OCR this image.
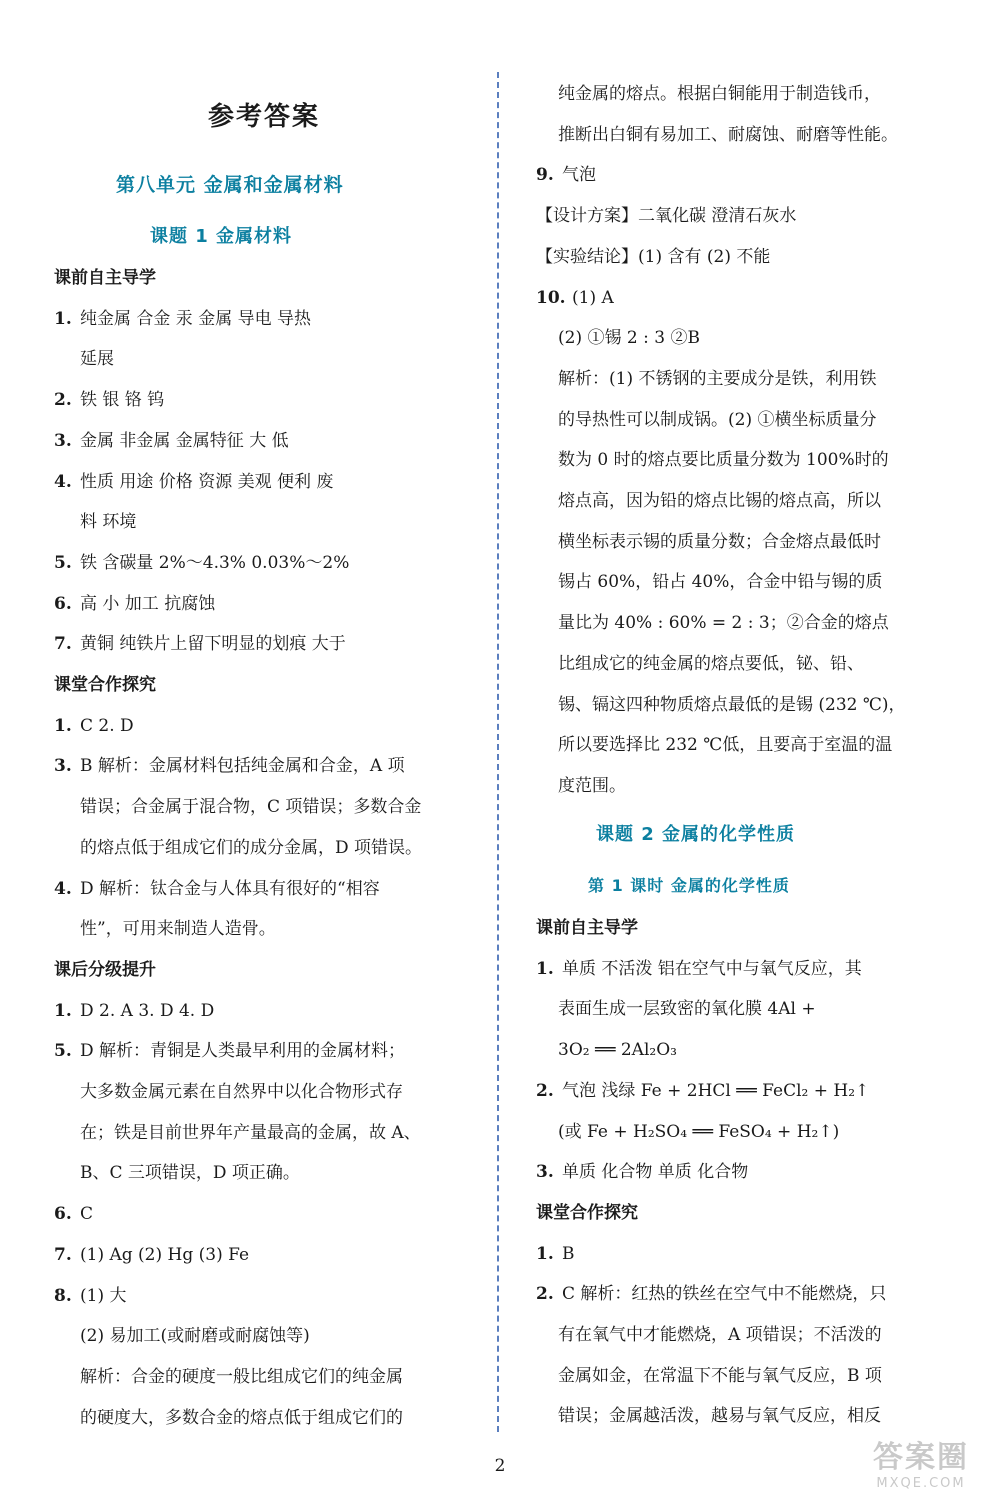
参考答案
第八单元 金属和金属材料
课题 1 金属材料
课前自主导学
1. 纯金属 合金 汞 金属 导电 导热
延展
2. 铁 银 铬 钨
3. 金属 非金属 金属特征 大 低
4. 性质 用途 价格 资源 美观 便利 废
料 环境
5. 铁 含碳量 2%～4.3% 0.03%～2%
6. 高 小 加工 抗腐蚀
7. 黄铜 纯铁片上留下明显的划痕 大于
课堂合作探究
1. C 2. D
3. B 解析：金属材料包括纯金属和合金，A 项
错误；合金属于混合物，C 项错误；多数合金
的熔点低于组成它们的成分金属，D 项错误。
4. D 解析：钛合金与人体具有很好的“相容
性”，可用来制造人造骨。
课后分级提升
1. D 2. A 3. D 4. D
5. D 解析：青铜是人类最早利用的金属材料；
大多数金属元素在自然界中以化合物形式存
在；铁是目前世界年产量最高的金属，故 A、
B、C 三项错误，D 项正确。
6. C
7. (1) Ag (2) Hg (3) Fe
8. (1) 大
(2) 易加工(或耐磨或耐腐蚀等)
解析：合金的硬度一般比组成它们的纯金属
的硬度大，多数合金的熔点低于组成它们的
纯金属的熔点。根据白铜能用于制造钱币，
推断出白铜有易加工、耐腐蚀、耐磨等性能。
9. 气泡
【设计方案】二氧化碳 澄清石灰水
【实验结论】(1) 含有 (2) 不能
10. (1) A
(2) ①锡 2 : 3 ②B
解析：(1) 不锈钢的主要成分是铁，利用铁
的导热性可以制成锅。(2) ①横坐标质量分
数为 0 时的熔点要比质量分数为 100%时的
熔点高，因为铅的熔点比锡的熔点高，所以
横坐标表示锡的质量分数；合金熔点最低时
锡占 60%，铅占 40%，合金中铅与锡的质
量比为 40% : 60% = 2 : 3；②合金的熔点
比组成它的纯金属的熔点要低，铋、铅、
锡、镉这四种物质熔点最低的是锡 (232 ℃)，
所以要选择比 232 ℃低，且要高于室温的温
度范围。
课前自主导学
1. 单质 不活泼 铝在空气中与氧气反应，其
表面生成一层致密的氧化膜 4Al +
3O₂ ══ 2Al₂O₃
2. 气泡 浅绿 Fe + 2HCl ══ FeCl₂ + H₂↑
(或 Fe + H₂SO₄ ══ FeSO₄ + H₂↑)
3. 单质 化合物 单质 化合物
课堂合作探究
1. B
2. C 解析：红热的铁丝在空气中不能燃烧，只
有在氧气中才能燃烧，A 项错误；不活泼的
金属如金，在常温下不能与氧气反应，B 项
错误；金属越活泼，越易与氧气反应，相反
课题 2 金属的化学性质
第 1 课时 金属的化学性质
2	答案圈
MXQE.COM
